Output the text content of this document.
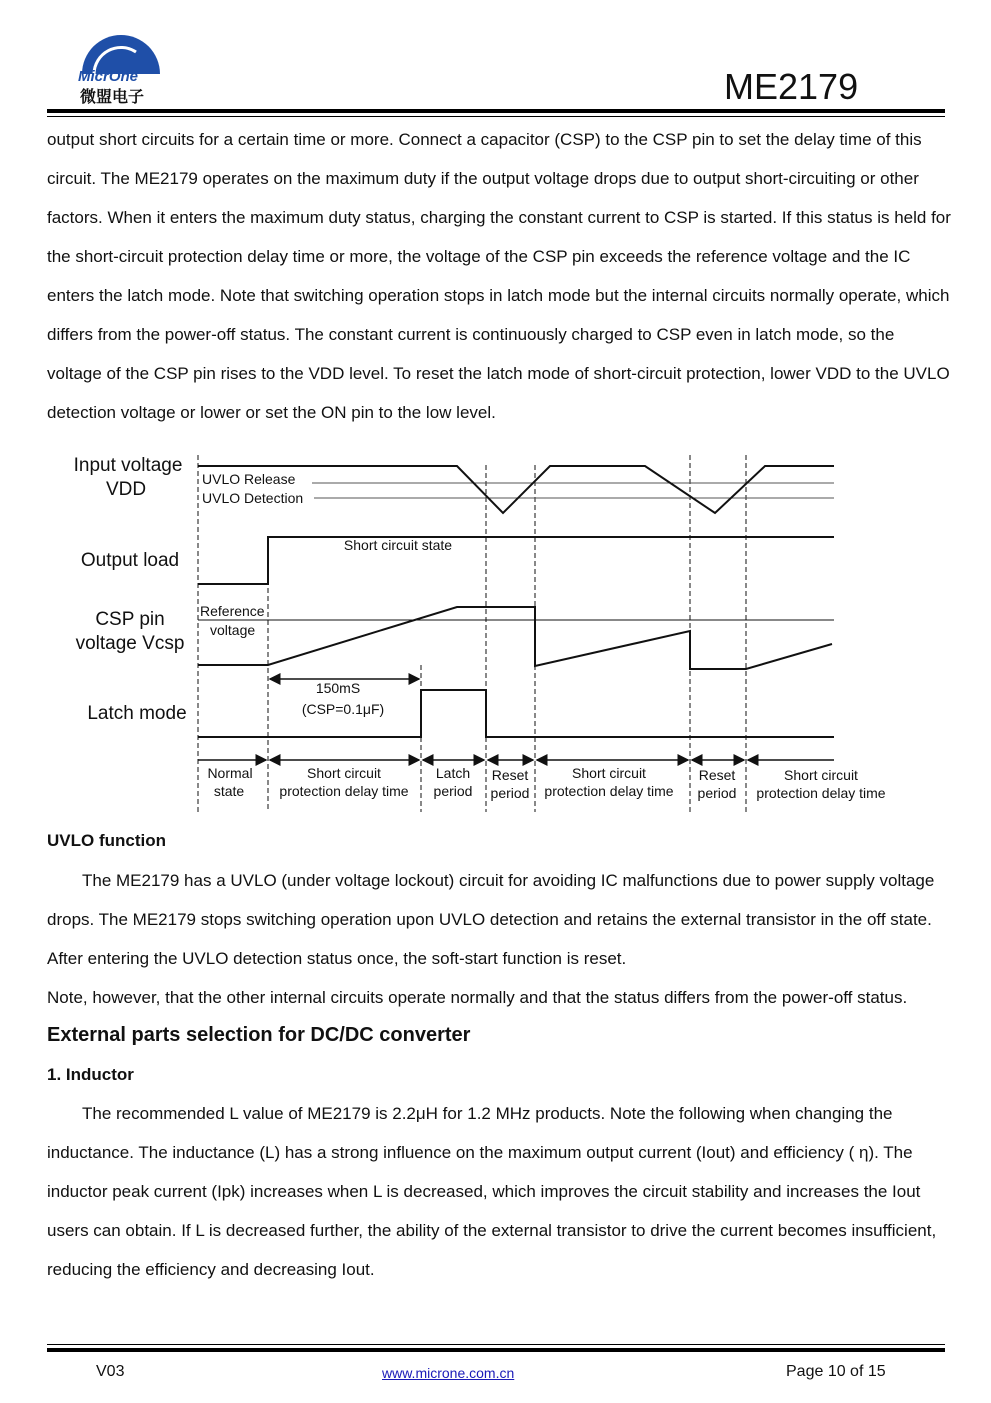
MicrOne
微盟电子	ME2179

output short circuits for a certain time or more. Connect a capacitor (CSP) to the CSP pin to set the delay time of this circuit. The ME2179 operates on the maximum duty if the output voltage drops due to output short-circuiting or other factors. When it enters the maximum duty status, charging the constant current to CSP is started. If this status is held for the short-circuit protection delay time or more, the voltage of the CSP pin exceeds the reference voltage and the IC enters the latch mode. Note that switching operation stops in latch mode but the internal circuits normally operate, which differs from the power-off status. The constant current is continuously charged to CSP even in latch mode, so the voltage of the CSP pin rises to the VDD level. To reset the latch mode of short-circuit protection, lower VDD to the UVLO detection voltage or lower or set the ON pin to the low level.

Input voltage
VDD
Output load
CSP pin
voltage Vcsp
Latch mode
UVLO Release
UVLO Detection
Short circuit state
Reference
voltage
150mS
(CSP=0.1μF)
Normal
state
Short circuit
protection delay time
Latch
period
Reset
period
Short circuit
protection delay time
Reset
period
Short circuit
protection delay time

UVLO function

The ME2179 has a UVLO (under voltage lockout) circuit for avoiding IC malfunctions due to power supply voltage drops. The ME2179 stops switching operation upon UVLO detection and retains the external transistor in the off state. After entering the UVLO detection status once, the soft-start function is reset.

Note, however, that the other internal circuits operate normally and that the status differs from the power-off status.

External parts selection for DC/DC converter

1. Inductor

The recommended L value of ME2179 is 2.2μH for 1.2 MHz products. Note the following when changing the inductance. The inductance (L) has a strong influence on the maximum output current (Iout) and efficiency ( η). The inductor peak current (Ipk) increases when L is decreased, which improves the circuit stability and increases the Iout users can obtain. If L is decreased further, the ability of the external transistor to drive the current becomes insufficient, reducing the efficiency and decreasing Iout.

V03	www.microne.com.cn	Page 10 of 15
